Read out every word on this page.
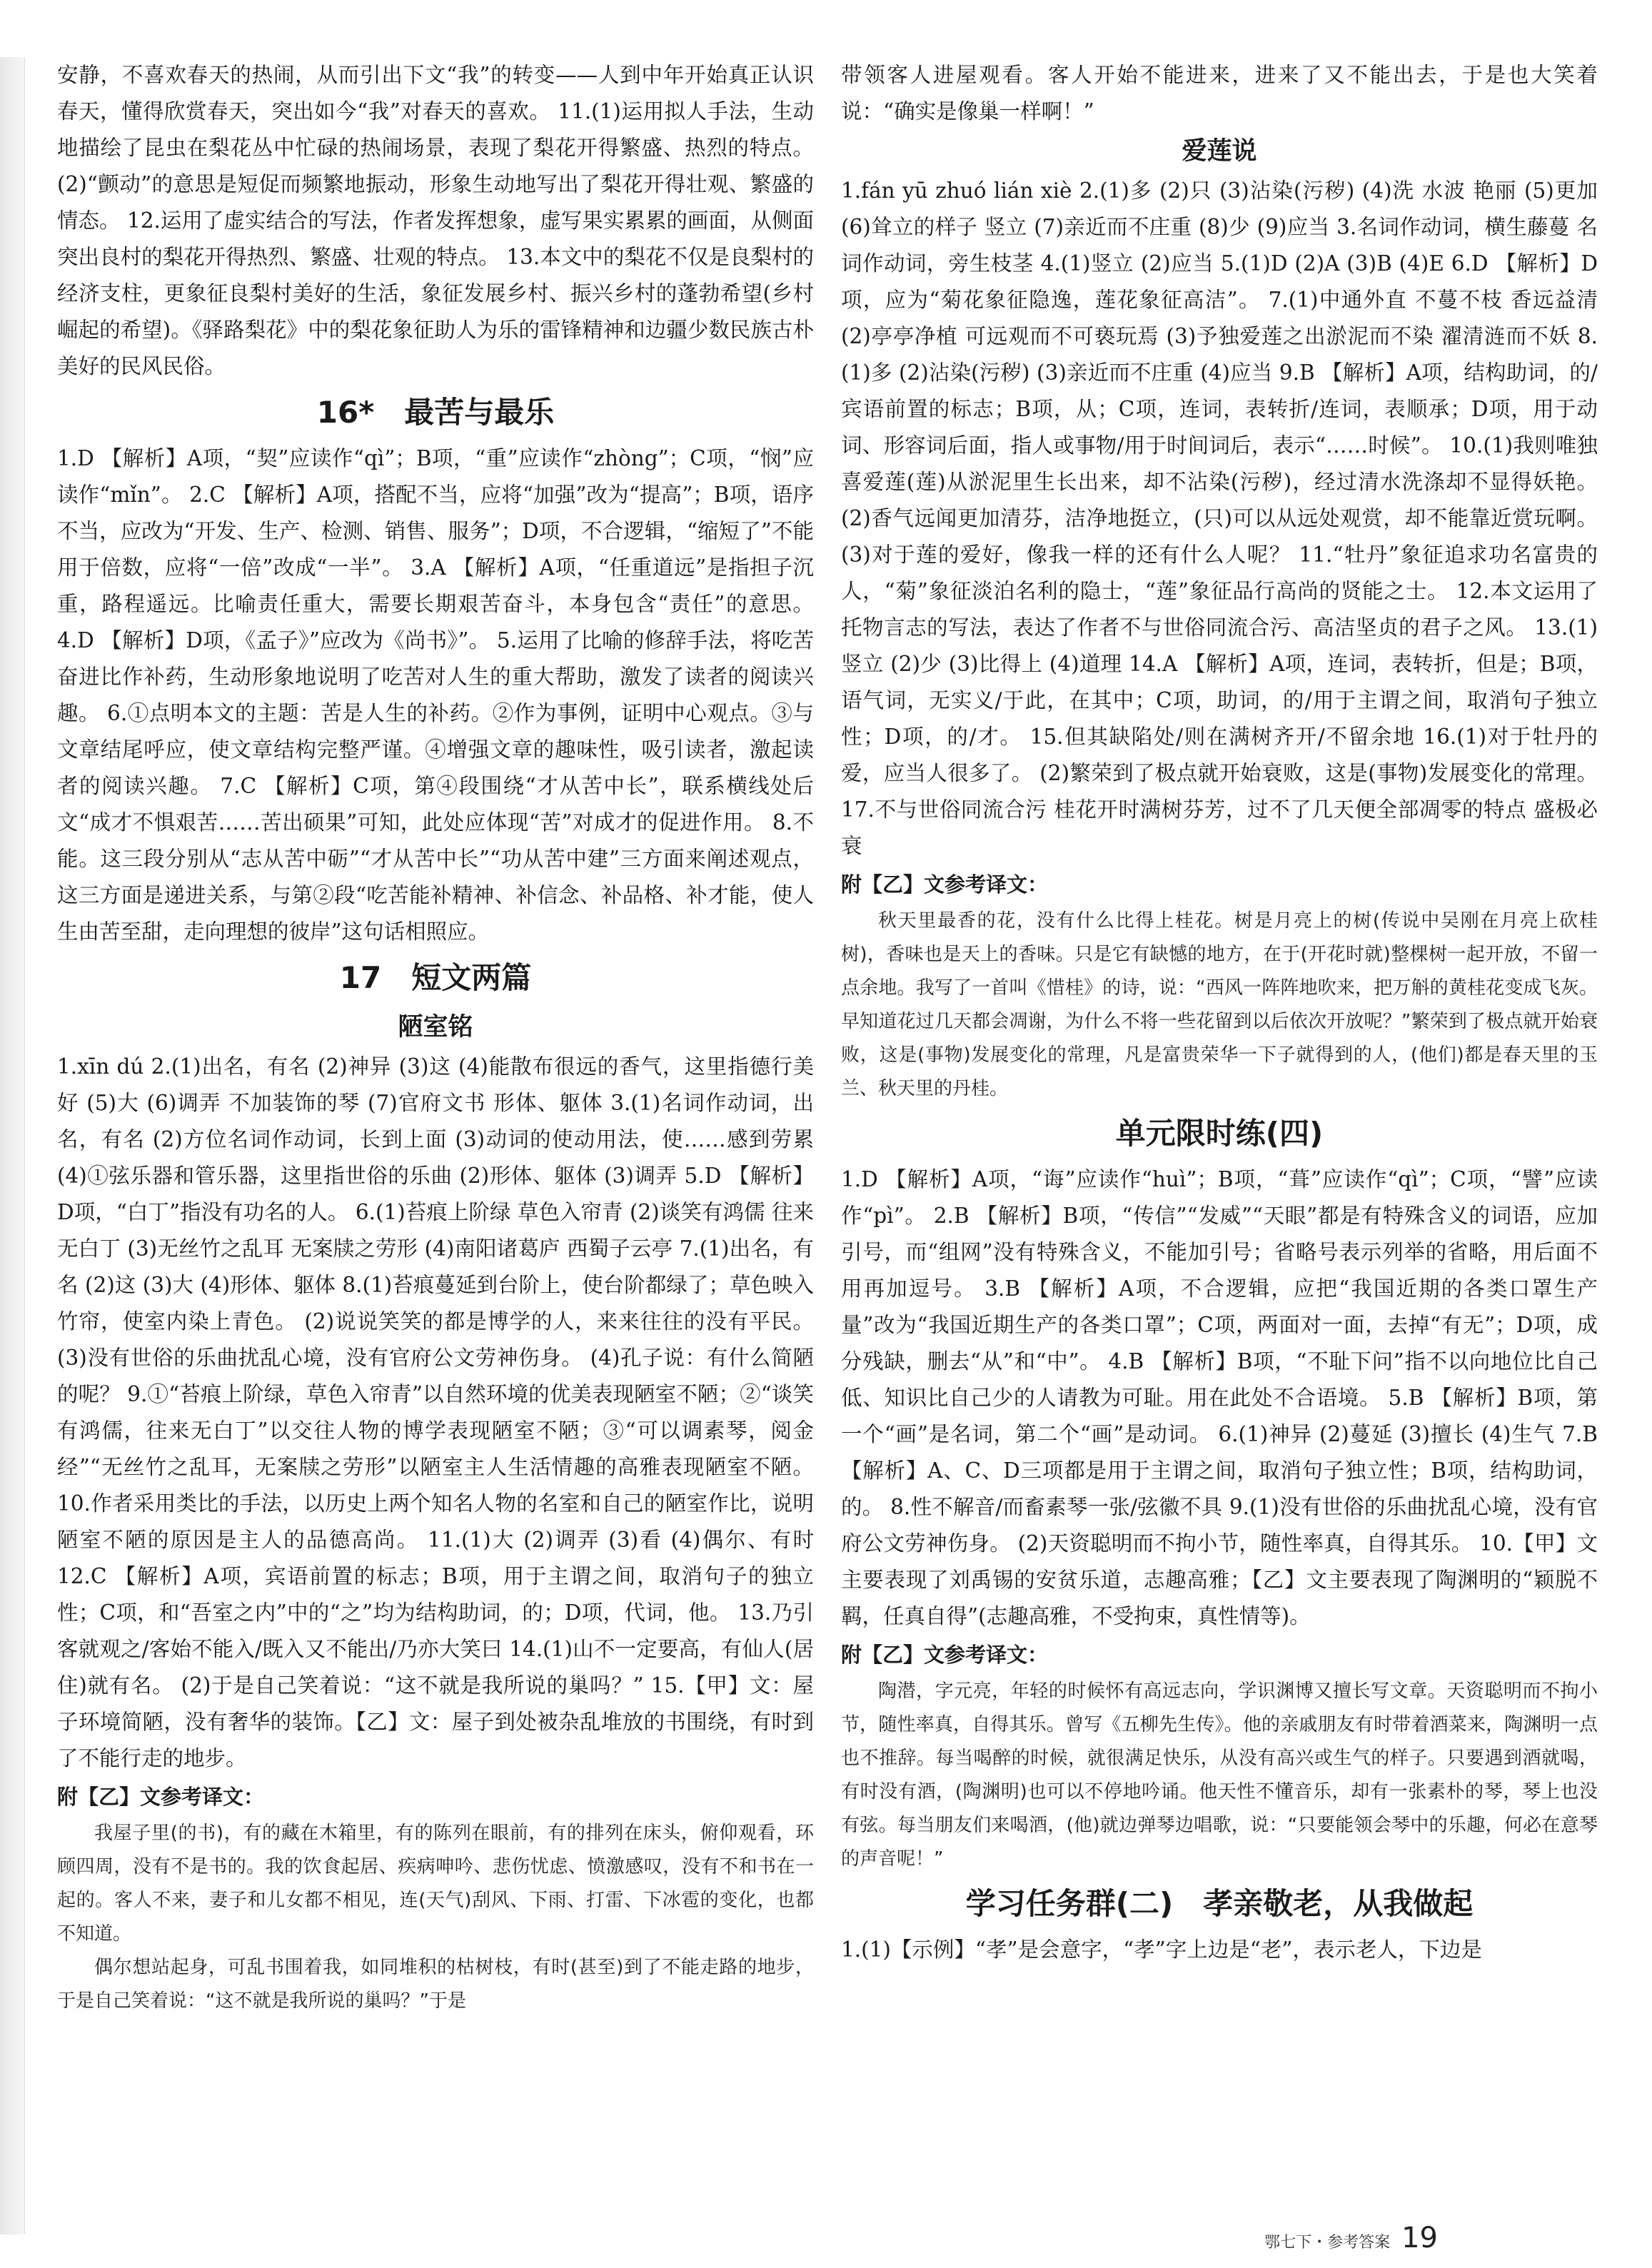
安静，不喜欢春天的热闹，从而引出下文“我”的转变——人到中年开始真正认识春天，懂得欣赏春天，突出如今“我”对春天的喜欢。 11.(1)运用拟人手法，生动地描绘了昆虫在梨花丛中忙碌的热闹场景，表现了梨花开得繁盛、热烈的特点。 (2)“颤动”的意思是短促而频繁地振动，形象生动地写出了梨花开得壮观、繁盛的情态。 12.运用了虚实结合的写法，作者发挥想象，虚写果实累累的画面，从侧面突出良村的梨花开得热烈、繁盛、壮观的特点。 13.本文中的梨花不仅是良梨村的经济支柱，更象征良梨村美好的生活，象征发展乡村、振兴乡村的蓬勃希望(乡村崛起的希望)。《驿路梨花》中的梨花象征助人为乐的雷锋精神和边疆少数民族古朴美好的民风民俗。

16*　最苦与最乐

1.D 【解析】A项，“契”应读作“qì”；B项，“重”应读作“zhòng”；C项，“悯”应读作“mǐn”。 2.C 【解析】A项，搭配不当，应将“加强”改为“提高”；B项，语序不当，应改为“开发、生产、检测、销售、服务”；D项，不合逻辑，“缩短了”不能用于倍数，应将“一倍”改成“一半”。 3.A 【解析】A项，“任重道远”是指担子沉重，路程遥远。比喻责任重大，需要长期艰苦奋斗，本身包含“责任”的意思。 4.D 【解析】D项，《孟子》”应改为《尚书》”。 5.运用了比喻的修辞手法，将吃苦奋进比作补药，生动形象地说明了吃苦对人生的重大帮助，激发了读者的阅读兴趣。 6.①点明本文的主题：苦是人生的补药。②作为事例，证明中心观点。③与文章结尾呼应，使文章结构完整严谨。④增强文章的趣味性，吸引读者，激起读者的阅读兴趣。 7.C 【解析】C项，第④段围绕“才从苦中长”，联系横线处后文“成才不惧艰苦……苦出硕果”可知，此处应体现“苦”对成才的促进作用。 8.不能。这三段分别从“志从苦中砺”“才从苦中长”“功从苦中建”三方面来阐述观点，这三方面是递进关系，与第②段“吃苦能补精神、补信念、补品格、补才能，使人生由苦至甜，走向理想的彼岸”这句话相照应。

17　短文两篇
陋室铭

1.xīn dú 2.(1)出名，有名 (2)神异 (3)这 (4)能散布很远的香气，这里指德行美好 (5)大 (6)调弄 不加装饰的琴 (7)官府文书 形体、躯体 3.(1)名词作动词，出名，有名 (2)方位名词作动词，长到上面 (3)动词的使动用法，使……感到劳累 (4)①弦乐器和管乐器，这里指世俗的乐曲 (2)形体、躯体 (3)调弄 5.D 【解析】D项，“白丁”指没有功名的人。 6.(1)苔痕上阶绿 草色入帘青 (2)谈笑有鸿儒 往来无白丁 (3)无丝竹之乱耳 无案牍之劳形 (4)南阳诸葛庐 西蜀子云亭 7.(1)出名，有名 (2)这 (3)大 (4)形体、躯体 8.(1)苔痕蔓延到台阶上，使台阶都绿了；草色映入竹帘，使室内染上青色。 (2)说说笑笑的都是博学的人，来来往往的没有平民。 (3)没有世俗的乐曲扰乱心境，没有官府公文劳神伤身。 (4)孔子说：有什么简陋的呢？ 9.①“苔痕上阶绿，草色入帘青”以自然环境的优美表现陋室不陋；②“谈笑有鸿儒，往来无白丁”以交往人物的博学表现陋室不陋；③“可以调素琴，阅金经”“无丝竹之乱耳，无案牍之劳形”以陋室主人生活情趣的高雅表现陋室不陋。 10.作者采用类比的手法，以历史上两个知名人物的名室和自己的陋室作比，说明陋室不陋的原因是主人的品德高尚。 11.(1)大 (2)调弄 (3)看 (4)偶尔、有时 12.C 【解析】A项，宾语前置的标志；B项，用于主谓之间，取消句子的独立性；C项，和“吾室之内”中的“之”均为结构助词，的；D项，代词，他。 13.乃引客就观之/客始不能入/既入又不能出/乃亦大笑曰 14.(1)山不一定要高，有仙人(居住)就有名。 (2)于是自己笑着说：“这不就是我所说的巢吗？” 15.【甲】文：屋子环境简陋，没有奢华的装饰。【乙】文：屋子到处被杂乱堆放的书围绕，有时到了不能行走的地步。

附【乙】文参考译文：

我屋子里(的书)，有的藏在木箱里，有的陈列在眼前，有的排列在床头，俯仰观看，环顾四周，没有不是书的。我的饮食起居、疾病呻吟、悲伤忧虑、愤激感叹，没有不和书在一起的。客人不来，妻子和儿女都不相见，连(天气)刮风、下雨、打雷、下冰雹的变化，也都不知道。

偶尔想站起身，可乱书围着我，如同堆积的枯树枝，有时(甚至)到了不能走路的地步，于是自己笑着说：“这不就是我所说的巢吗？”于是

带领客人进屋观看。客人开始不能进来，进来了又不能出去，于是也大笑着说：“确实是像巢一样啊！”

爱莲说

1.fán yū zhuó lián xiè 2.(1)多 (2)只 (3)沾染(污秽) (4)洗 水波 艳丽 (5)更加 (6)耸立的样子 竖立 (7)亲近而不庄重 (8)少 (9)应当 3.名词作动词，横生藤蔓 名词作动词，旁生枝茎 4.(1)竖立 (2)应当 5.(1)D (2)A (3)B (4)E 6.D 【解析】D项，应为“菊花象征隐逸，莲花象征高洁”。 7.(1)中通外直 不蔓不枝 香远益清 (2)亭亭净植 可远观而不可亵玩焉 (3)予独爱莲之出淤泥而不染 濯清涟而不妖 8.(1)多 (2)沾染(污秽) (3)亲近而不庄重 (4)应当 9.B 【解析】A项，结构助词，的/宾语前置的标志；B项，从；C项，连词，表转折/连词，表顺承；D项，用于动词、形容词后面，指人或事物/用于时间词后，表示“……时候”。 10.(1)我则唯独喜爱莲(莲)从淤泥里生长出来，却不沾染(污秽)，经过清水洗涤却不显得妖艳。 (2)香气远闻更加清芬，洁净地挺立，(只)可以从远处观赏，却不能靠近赏玩啊。 (3)对于莲的爱好，像我一样的还有什么人呢？ 11.“牡丹”象征追求功名富贵的人，“菊”象征淡泊名利的隐士，“莲”象征品行高尚的贤能之士。 12.本文运用了托物言志的写法，表达了作者不与世俗同流合污、高洁坚贞的君子之风。 13.(1)竖立 (2)少 (3)比得上 (4)道理 14.A 【解析】A项，连词，表转折，但是；B项，语气词，无实义/于此，在其中；C项，助词，的/用于主谓之间，取消句子独立性；D项，的/才。 15.但其缺陷处/则在满树齐开/不留余地 16.(1)对于牡丹的爱，应当人很多了。 (2)繁荣到了极点就开始衰败，这是(事物)发展变化的常理。 17.不与世俗同流合污 桂花开时满树芬芳，过不了几天便全部凋零的特点 盛极必衰

附【乙】文参考译文：

秋天里最香的花，没有什么比得上桂花。树是月亮上的树(传说中吴刚在月亮上砍桂树)，香味也是天上的香味。只是它有缺憾的地方，在于(开花时就)整棵树一起开放，不留一点余地。我写了一首叫《惜桂》的诗，说：“西风一阵阵地吹来，把万斛的黄桂花变成飞灰。早知道花过几天都会凋谢，为什么不将一些花留到以后依次开放呢？”繁荣到了极点就开始衰败，这是(事物)发展变化的常理，凡是富贵荣华一下子就得到的人，(他们)都是春天里的玉兰、秋天里的丹桂。

单元限时练(四)

1.D 【解析】A项，“诲”应读作“huì”；B项，“葺”应读作“qì”；C项，“譬”应读作“pì”。 2.B 【解析】B项，“传信”“发威”“天眼”都是有特殊含义的词语，应加引号，而“组网”没有特殊含义，不能加引号；省略号表示列举的省略，用后面不用再加逗号。 3.B 【解析】A项，不合逻辑，应把“我国近期的各类口罩生产量”改为“我国近期生产的各类口罩”；C项，两面对一面，去掉“有无”；D项，成分残缺，删去“从”和“中”。 4.B 【解析】B项，“不耻下问”指不以向地位比自己低、知识比自己少的人请教为可耻。用在此处不合语境。 5.B 【解析】B项，第一个“画”是名词，第二个“画”是动词。 6.(1)神异 (2)蔓延 (3)擅长 (4)生气 7.B 【解析】A、C、D三项都是用于主谓之间，取消句子独立性；B项，结构助词，的。 8.性不解音/而畜素琴一张/弦徽不具 9.(1)没有世俗的乐曲扰乱心境，没有官府公文劳神伤身。 (2)天资聪明而不拘小节，随性率真，自得其乐。 10.【甲】文主要表现了刘禹锡的安贫乐道，志趣高雅；【乙】文主要表现了陶渊明的“颖脱不羁，任真自得”(志趣高雅，不受拘束，真性情等)。

附【乙】文参考译文：

陶潜，字元亮，年轻的时候怀有高远志向，学识渊博又擅长写文章。天资聪明而不拘小节，随性率真，自得其乐。曾写《五柳先生传》。他的亲戚朋友有时带着酒菜来，陶渊明一点也不推辞。每当喝醉的时候，就很满足快乐，从没有高兴或生气的样子。只要遇到酒就喝，有时没有酒，(陶渊明)也可以不停地吟诵。他天性不懂音乐，却有一张素朴的琴，琴上也没有弦。每当朋友们来喝酒，(他)就边弹琴边唱歌，说：“只要能领会琴中的乐趣，何必在意琴的声音呢！”

学习任务群(二)　孝亲敬老，从我做起

1.(1)【示例】“孝”是会意字，“孝”字上边是“老”，表示老人，下边是

鄂七下・参考答案 19
